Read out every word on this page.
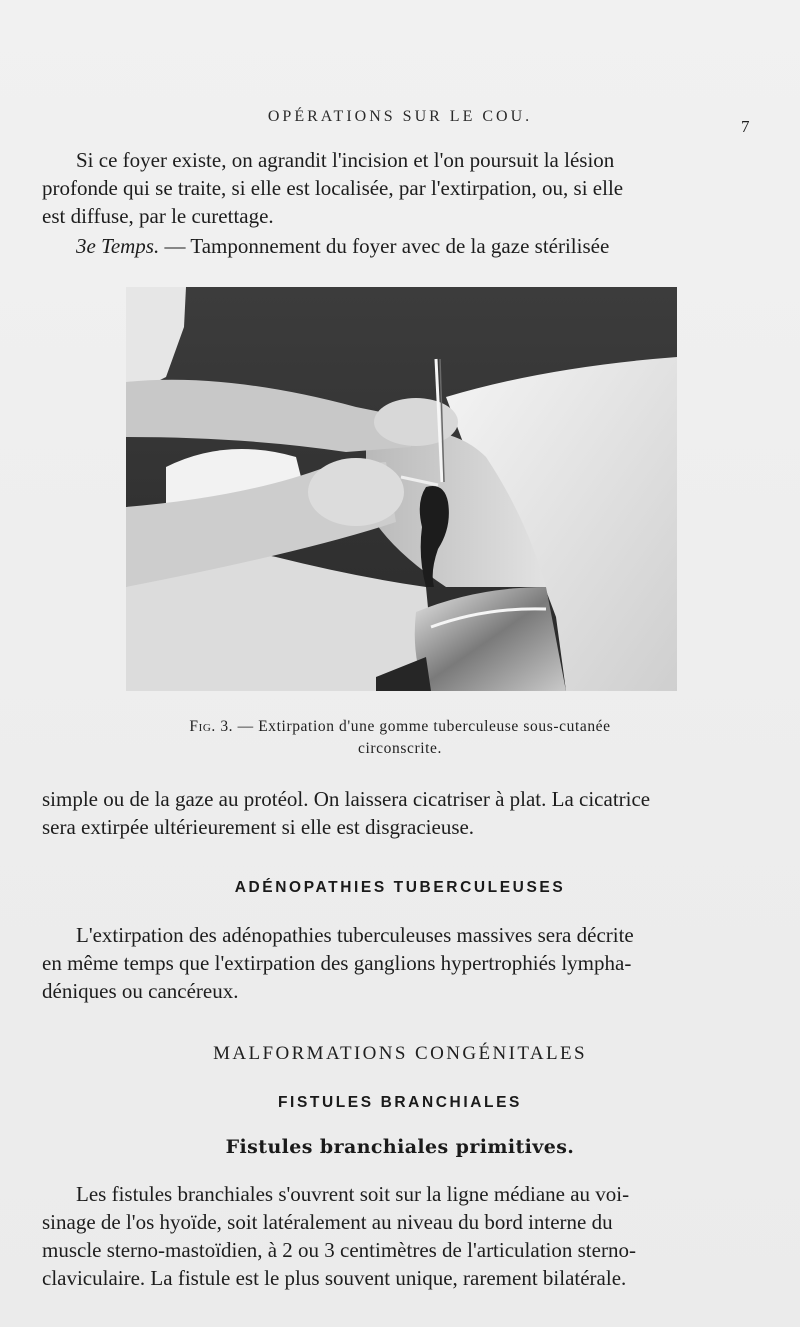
OPÉRATIONS SUR LE COU.
7

Si ce foyer existe, on agrandit l'incision et l'on poursuit la lésion
profonde qui se traite, si elle est localisée, par l'extirpation, ou, si elle
est diffuse, par le curettage.

3e Temps. — Tamponnement du foyer avec de la gaze stérilisée

Fig. 3. — Extirpation d'une gomme tuberculeuse sous-cutanée
circonscrite.

simple ou de la gaze au protéol. On laissera cicatriser à plat. La cicatrice
sera extirpée ultérieurement si elle est disgracieuse.

ADÉNOPATHIES TUBERCULEUSES

L'extirpation des adénopathies tuberculeuses massives sera décrite
en même temps que l'extirpation des ganglions hypertrophiés lympha-
déniques ou cancéreux.

MALFORMATIONS CONGÉNITALES
FISTULES BRANCHIALES
Fistules branchiales primitives.

Les fistules branchiales s'ouvrent soit sur la ligne médiane au voi-
sinage de l'os hyoïde, soit latéralement au niveau du bord interne du
muscle sterno-mastoïdien, à 2 ou 3 centimètres de l'articulation sterno-
claviculaire. La fistule est le plus souvent unique, rarement bilatérale.
